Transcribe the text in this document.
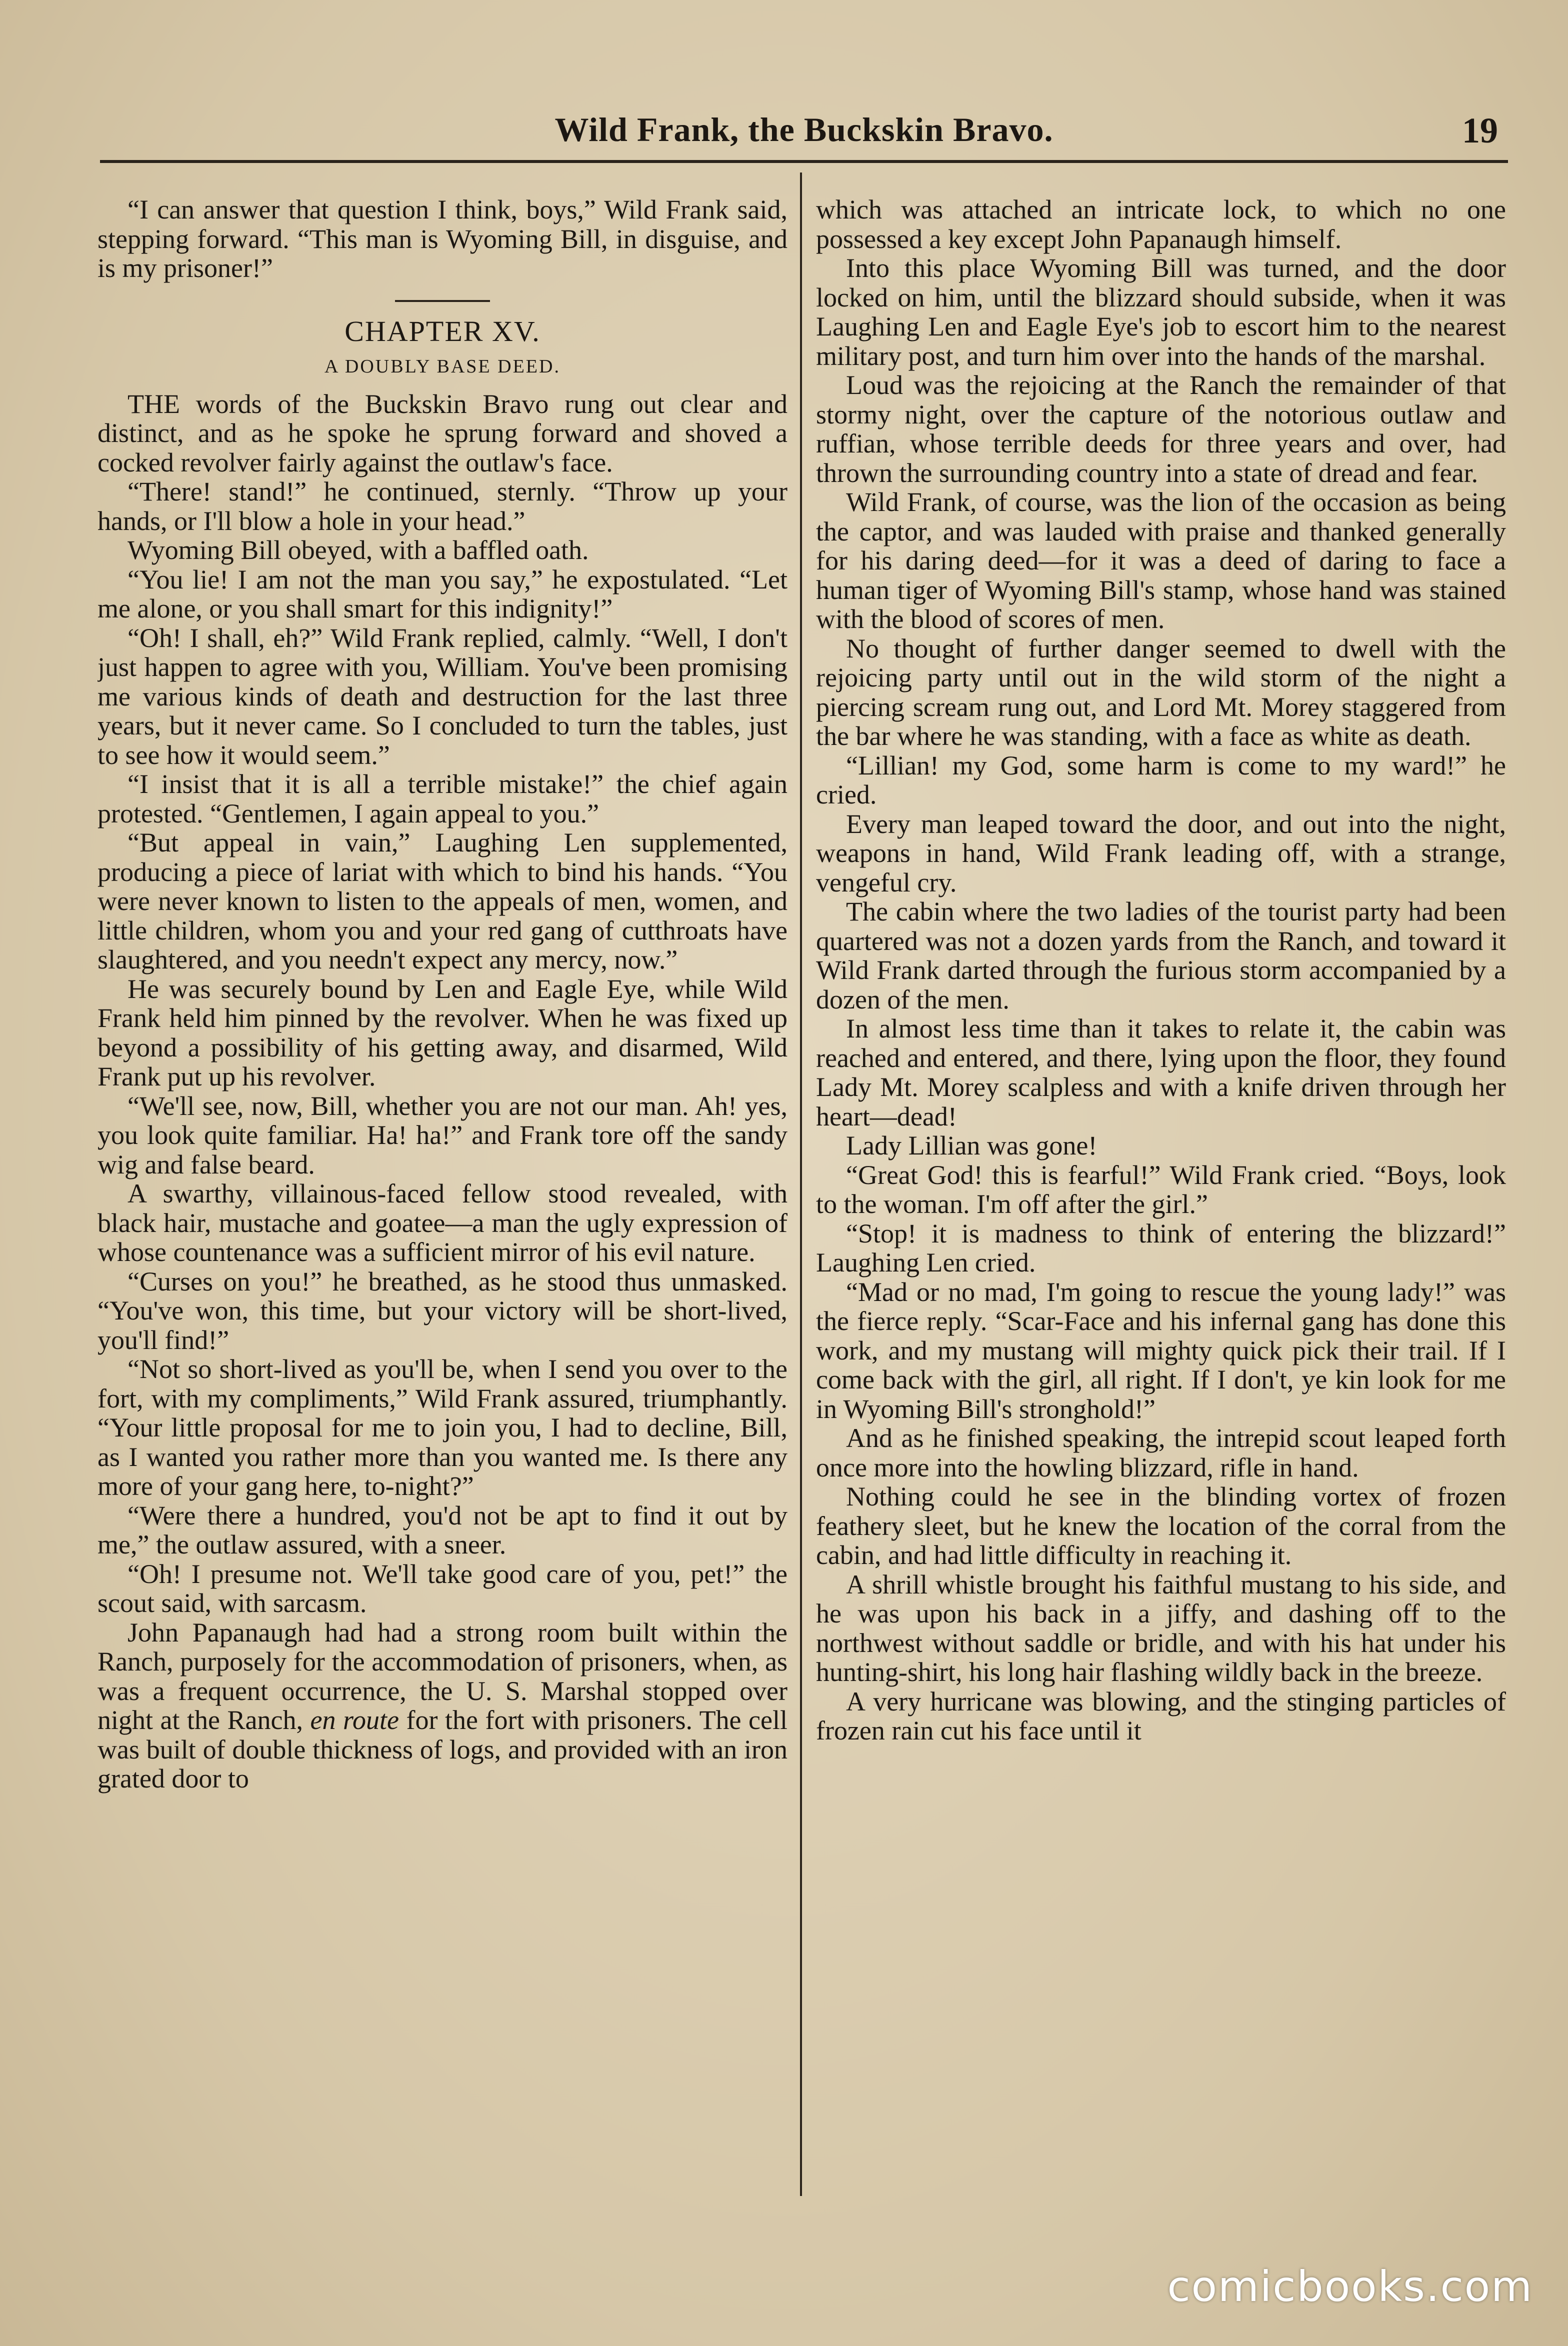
Wild Frank, the Buckskin Bravo.	19

“I can answer that question I think, boys,” Wild Frank said, stepping forward. “This man is Wyoming Bill, in disguise, and is my prisoner!”

CHAPTER XV.

A DOUBLY BASE DEED.

THE words of the Buckskin Bravo rung out clear and distinct, and as he spoke he sprung forward and shoved a cocked revolver fairly against the outlaw's face.

“There! stand!” he continued, sternly. “Throw up your hands, or I'll blow a hole in your head.”

Wyoming Bill obeyed, with a baffled oath.

“You lie! I am not the man you say,” he expostulated. “Let me alone, or you shall smart for this indignity!”

“Oh! I shall, eh?” Wild Frank replied, calmly. “Well, I don't just happen to agree with you, William. You've been promising me various kinds of death and destruction for the last three years, but it never came. So I concluded to turn the tables, just to see how it would seem.”

“I insist that it is all a terrible mistake!” the chief again protested. “Gentlemen, I again appeal to you.”

“But appeal in vain,” Laughing Len supplemented, producing a piece of lariat with which to bind his hands. “You were never known to listen to the appeals of men, women, and little children, whom you and your red gang of cutthroats have slaughtered, and you needn't expect any mercy, now.”

He was securely bound by Len and Eagle Eye, while Wild Frank held him pinned by the revolver. When he was fixed up beyond a possibility of his getting away, and disarmed, Wild Frank put up his revolver.

“We'll see, now, Bill, whether you are not our man. Ah! yes, you look quite familiar. Ha! ha!” and Frank tore off the sandy wig and false beard.

A swarthy, villainous-faced fellow stood revealed, with black hair, mustache and goatee—a man the ugly expression of whose countenance was a sufficient mirror of his evil nature.

“Curses on you!” he breathed, as he stood thus unmasked. “You've won, this time, but your victory will be short-lived, you'll find!”

“Not so short-lived as you'll be, when I send you over to the fort, with my compliments,” Wild Frank assured, triumphantly. “Your little proposal for me to join you, I had to decline, Bill, as I wanted you rather more than you wanted me. Is there any more of your gang here, to-night?”

“Were there a hundred, you'd not be apt to find it out by me,” the outlaw assured, with a sneer.

“Oh! I presume not. We'll take good care of you, pet!” the scout said, with sarcasm.

John Papanaugh had had a strong room built within the Ranch, purposely for the accommodation of prisoners, when, as was a frequent occurrence, the U. S. Marshal stopped over night at the Ranch, en route for the fort with prisoners. The cell was built of double thickness of logs, and provided with an iron grated door to

which was attached an intricate lock, to which no one possessed a key except John Papanaugh himself.

Into this place Wyoming Bill was turned, and the door locked on him, until the blizzard should subside, when it was Laughing Len and Eagle Eye's job to escort him to the nearest military post, and turn him over into the hands of the marshal.

Loud was the rejoicing at the Ranch the remainder of that stormy night, over the capture of the notorious outlaw and ruffian, whose terrible deeds for three years and over, had thrown the surrounding country into a state of dread and fear.

Wild Frank, of course, was the lion of the occasion as being the captor, and was lauded with praise and thanked generally for his daring deed—for it was a deed of daring to face a human tiger of Wyoming Bill's stamp, whose hand was stained with the blood of scores of men.

No thought of further danger seemed to dwell with the rejoicing party until out in the wild storm of the night a piercing scream rung out, and Lord Mt. Morey staggered from the bar where he was standing, with a face as white as death.

“Lillian! my God, some harm is come to my ward!” he cried.

Every man leaped toward the door, and out into the night, weapons in hand, Wild Frank leading off, with a strange, vengeful cry.

The cabin where the two ladies of the tourist party had been quartered was not a dozen yards from the Ranch, and toward it Wild Frank darted through the furious storm accompanied by a dozen of the men.

In almost less time than it takes to relate it, the cabin was reached and entered, and there, lying upon the floor, they found Lady Mt. Morey scalpless and with a knife driven through her heart—dead!

Lady Lillian was gone!

“Great God! this is fearful!” Wild Frank cried. “Boys, look to the woman. I'm off after the girl.”

“Stop! it is madness to think of entering the blizzard!” Laughing Len cried.

“Mad or no mad, I'm going to rescue the young lady!” was the fierce reply. “Scar-Face and his infernal gang has done this work, and my mustang will mighty quick pick their trail. If I come back with the girl, all right. If I don't, ye kin look for me in Wyoming Bill's stronghold!”

And as he finished speaking, the intrepid scout leaped forth once more into the howling blizzard, rifle in hand.

Nothing could he see in the blinding vortex of frozen feathery sleet, but he knew the location of the corral from the cabin, and had little difficulty in reaching it.

A shrill whistle brought his faithful mustang to his side, and he was upon his back in a jiffy, and dashing off to the northwest without saddle or bridle, and with his hat under his hunting-shirt, his long hair flashing wildly back in the breeze.

A very hurricane was blowing, and the stinging particles of frozen rain cut his face until it

comicbooks.com
